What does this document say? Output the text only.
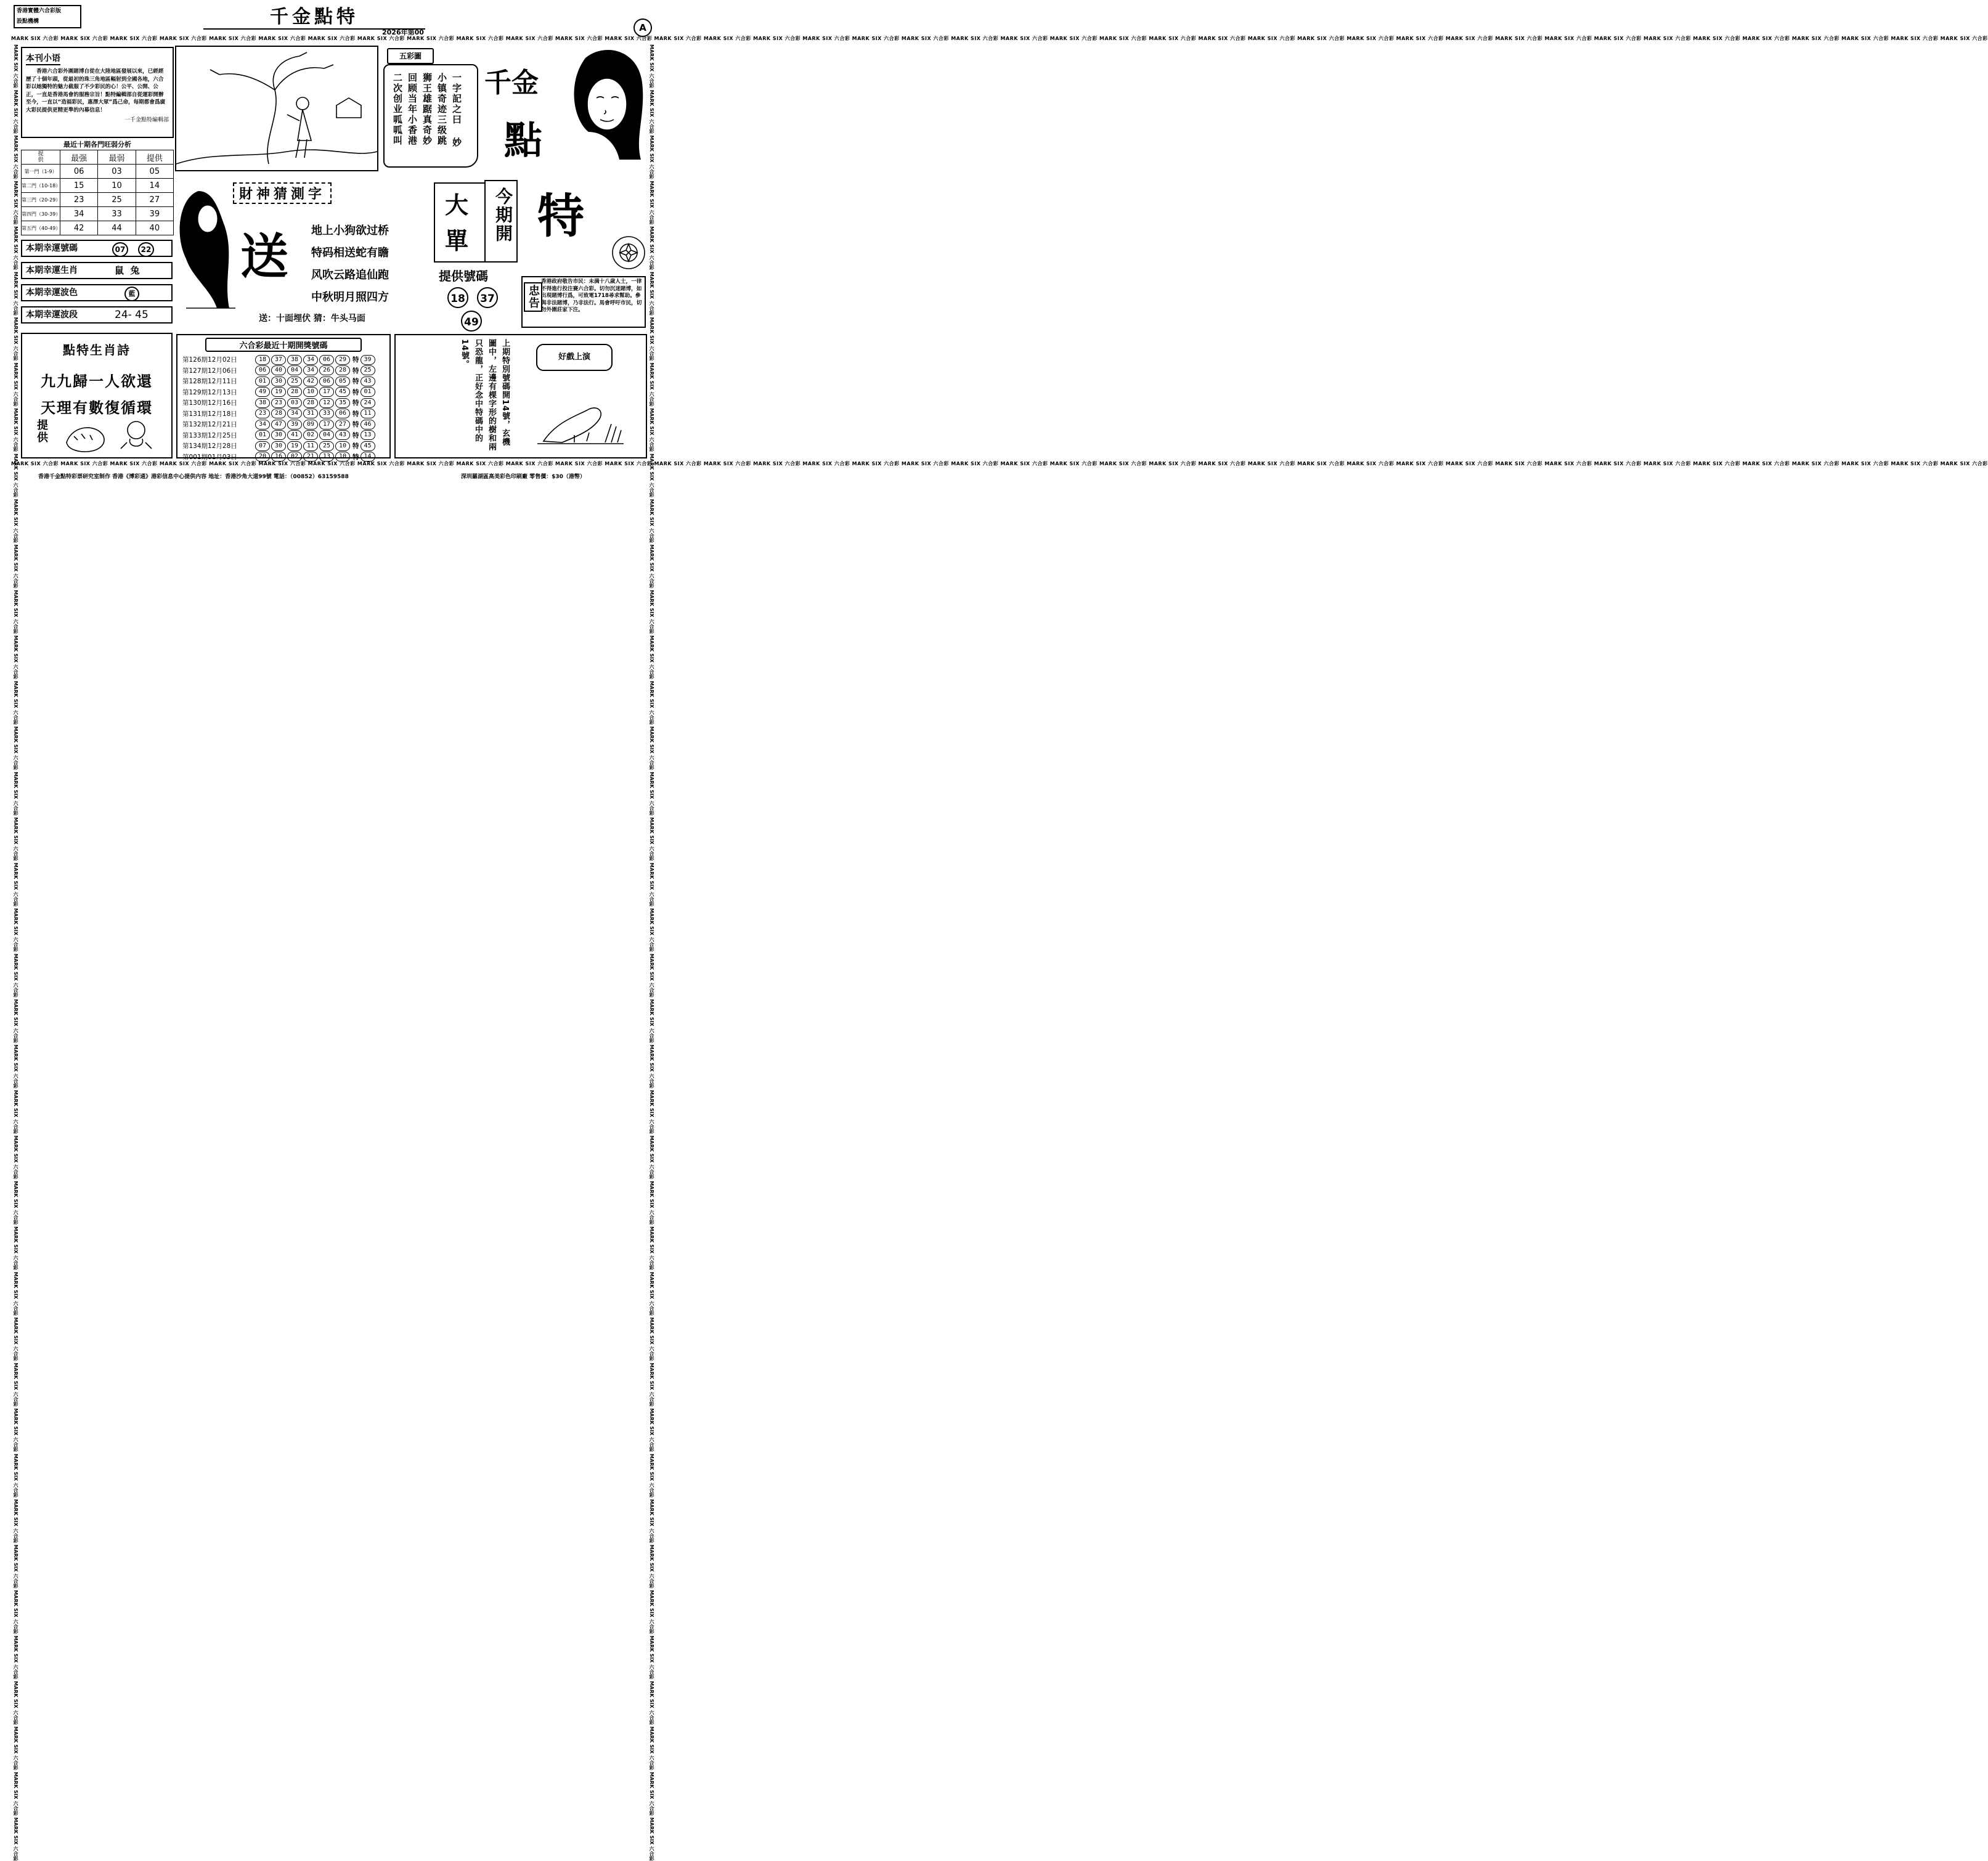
香港實體六合彩版
設點機構	千金點特
2026年第00	A
MARK SIX 六合彩 MARK SIX 六合彩 MARK SIX 六合彩 MARK SIX 六合彩 MARK SIX 六合彩 MARK SIX 六合彩 MARK SIX 六合彩 MARK SIX 六合彩 MARK SIX 六合彩 MARK SIX 六合彩 MARK SIX 六合彩 MARK SIX 六合彩 MARK SIX 六合彩 MARK SIX 六合彩 MARK SIX 六合彩 MARK SIX 六合彩 MARK SIX 六合彩 MARK SIX 六合彩 MARK SIX 六合彩 MARK SIX 六合彩 MARK SIX 六合彩 MARK SIX 六合彩 MARK SIX 六合彩 MARK SIX 六合彩 MARK SIX 六合彩 MARK SIX 六合彩 MARK SIX 六合彩 MARK SIX 六合彩 MARK SIX 六合彩 MARK SIX 六合彩 MARK SIX 六合彩 MARK SIX 六合彩 MARK SIX 六合彩 MARK SIX 六合彩 MARK SIX 六合彩 MARK SIX 六合彩 MARK SIX 六合彩 MARK SIX 六合彩 MARK SIX 六合彩 MARK SIX 六合彩
MARK SIX 六合彩 MARK SIX 六合彩 MARK SIX 六合彩 MARK SIX 六合彩 MARK SIX 六合彩 MARK SIX 六合彩 MARK SIX 六合彩 MARK SIX 六合彩 MARK SIX 六合彩 MARK SIX 六合彩 MARK SIX 六合彩 MARK SIX 六合彩 MARK SIX 六合彩 MARK SIX 六合彩 MARK SIX 六合彩 MARK SIX 六合彩 MARK SIX 六合彩 MARK SIX 六合彩 MARK SIX 六合彩 MARK SIX 六合彩 MARK SIX 六合彩 MARK SIX 六合彩 MARK SIX 六合彩 MARK SIX 六合彩 MARK SIX 六合彩 MARK SIX 六合彩 MARK SIX 六合彩 MARK SIX 六合彩 MARK SIX 六合彩 MARK SIX 六合彩 MARK SIX 六合彩 MARK SIX 六合彩 MARK SIX 六合彩 MARK SIX 六合彩 MARK SIX 六合彩 MARK SIX 六合彩 MARK SIX 六合彩 MARK SIX 六合彩 MARK SIX 六合彩 MARK SIX 六合彩
MARK SIX 六合彩 MARK SIX 六合彩 MARK SIX 六合彩 MARK SIX 六合彩 MARK SIX 六合彩 MARK SIX 六合彩 MARK SIX 六合彩 MARK SIX 六合彩 MARK SIX 六合彩 MARK SIX 六合彩 MARK SIX 六合彩 MARK SIX 六合彩 MARK SIX 六合彩 MARK SIX 六合彩 MARK SIX 六合彩 MARK SIX 六合彩 MARK SIX 六合彩 MARK SIX 六合彩 MARK SIX 六合彩 MARK SIX 六合彩 MARK SIX 六合彩 MARK SIX 六合彩 MARK SIX 六合彩 MARK SIX 六合彩 MARK SIX 六合彩 MARK SIX 六合彩 MARK SIX 六合彩 MARK SIX 六合彩 MARK SIX 六合彩 MARK SIX 六合彩 MARK SIX 六合彩 MARK SIX 六合彩 MARK SIX 六合彩 MARK SIX 六合彩 MARK SIX 六合彩 MARK SIX 六合彩 MARK SIX 六合彩 MARK SIX 六合彩 MARK SIX 六合彩 MARK SIX 六合彩	MARK SIX 六合彩 MARK SIX 六合彩 MARK SIX 六合彩 MARK SIX 六合彩 MARK SIX 六合彩 MARK SIX 六合彩 MARK SIX 六合彩 MARK SIX 六合彩 MARK SIX 六合彩 MARK SIX 六合彩 MARK SIX 六合彩 MARK SIX 六合彩 MARK SIX 六合彩 MARK SIX 六合彩 MARK SIX 六合彩 MARK SIX 六合彩 MARK SIX 六合彩 MARK SIX 六合彩 MARK SIX 六合彩 MARK SIX 六合彩 MARK SIX 六合彩 MARK SIX 六合彩 MARK SIX 六合彩 MARK SIX 六合彩 MARK SIX 六合彩 MARK SIX 六合彩 MARK SIX 六合彩 MARK SIX 六合彩 MARK SIX 六合彩 MARK SIX 六合彩 MARK SIX 六合彩 MARK SIX 六合彩 MARK SIX 六合彩 MARK SIX 六合彩 MARK SIX 六合彩 MARK SIX 六合彩 MARK SIX 六合彩 MARK SIX 六合彩 MARK SIX 六合彩 MARK SIX 六合彩
本刊小语
香港六合彩外圍賭博自從在大陸地區發展以來，已經經歷了十個年頭，從最初的珠三角地區輻射到全國各地，六合彩以她獨特的魅力截服了不少彩民的心！公平、公開、公正，一直是香港馬會的服務宗旨！點特編輯部自從運彩開辦至今，一直以“造福彩民，惠澤大眾”爲己命，每期都會爲廣大彩民提供更精更準的內幕信息！
一千金點特編輯部
最近十期各門旺弱分析
提
供	最强	最弱	提供
第一門（1-9）	06	03	05
第二門（10-18）	15	10	14
第三門（20-29）	23	25	27
第四門（30-39）	34	33	39
第五門（40-49）	42	44	40
本期幸運號碼	07	22
本期幸運生肖	鼠  兔
本期幸運波色	藍
本期幸運波段	24- 45
五彩圖
一字記之曰 妙
小镇奇迹三级跳
狮王雄踞真奇妙
回顾当年小香港
二次创业呱呱叫	千金
點
特
財神猜測字
送 地上小狗欲过桥
特码相送蛇有瞻
风吹云路追仙跑
中秋明月照四方
送：十面埋伏 猜：牛头马面
大單 今期開
提供號碼
18	37
49
忠告
香港政府敬告市民：未满十八歲人士，一律不得進行投注賽六合彩。切勿沉迷賭博，如出現賭博行爲，可致電1718尋求幫助。參與非法賭博，乃非法行。馬會呼吁市民，切勿外圍莊家下注。
點特生肖詩
九九歸一人欲還
天理有數復循環
提供
六合彩最近十期開獎號碼
第126期12月02日	18	37	38	34	06	29 特 39
第127期12月06日	06	40	04	34	26	28 特 25
第128期12月11日	01	30	25	42	06	05 特 43
第129期12月13日	49	19	28	10	17	45 特 01
第130期12月16日	38	23	03	28	12	35 特 24
第131期12月18日	23	28	34	31	33	06 特 11
第132期12月21日	34	47	39	09	17	27 特 46
第133期12月25日	01	30	41	02	04	43 特 13
第134期12月28日	07	30	19	11	25	10 特 45
第001期01月03日	20	16	02	21	13	10 特 14
上期特別號碼開14號，玄機圖中，左邊有棵字形的樹和兩只恐龍，正好念中特碼中的14號。	好戲上演
香港千金點特彩票研究室制作 香港《博彩通》港彩信息中心提供内容 地址：香港沙角大道99號 電話：（00852）63159588	深圳羅湖區高美彩色印刷廠 零售價：$30（港幣）
